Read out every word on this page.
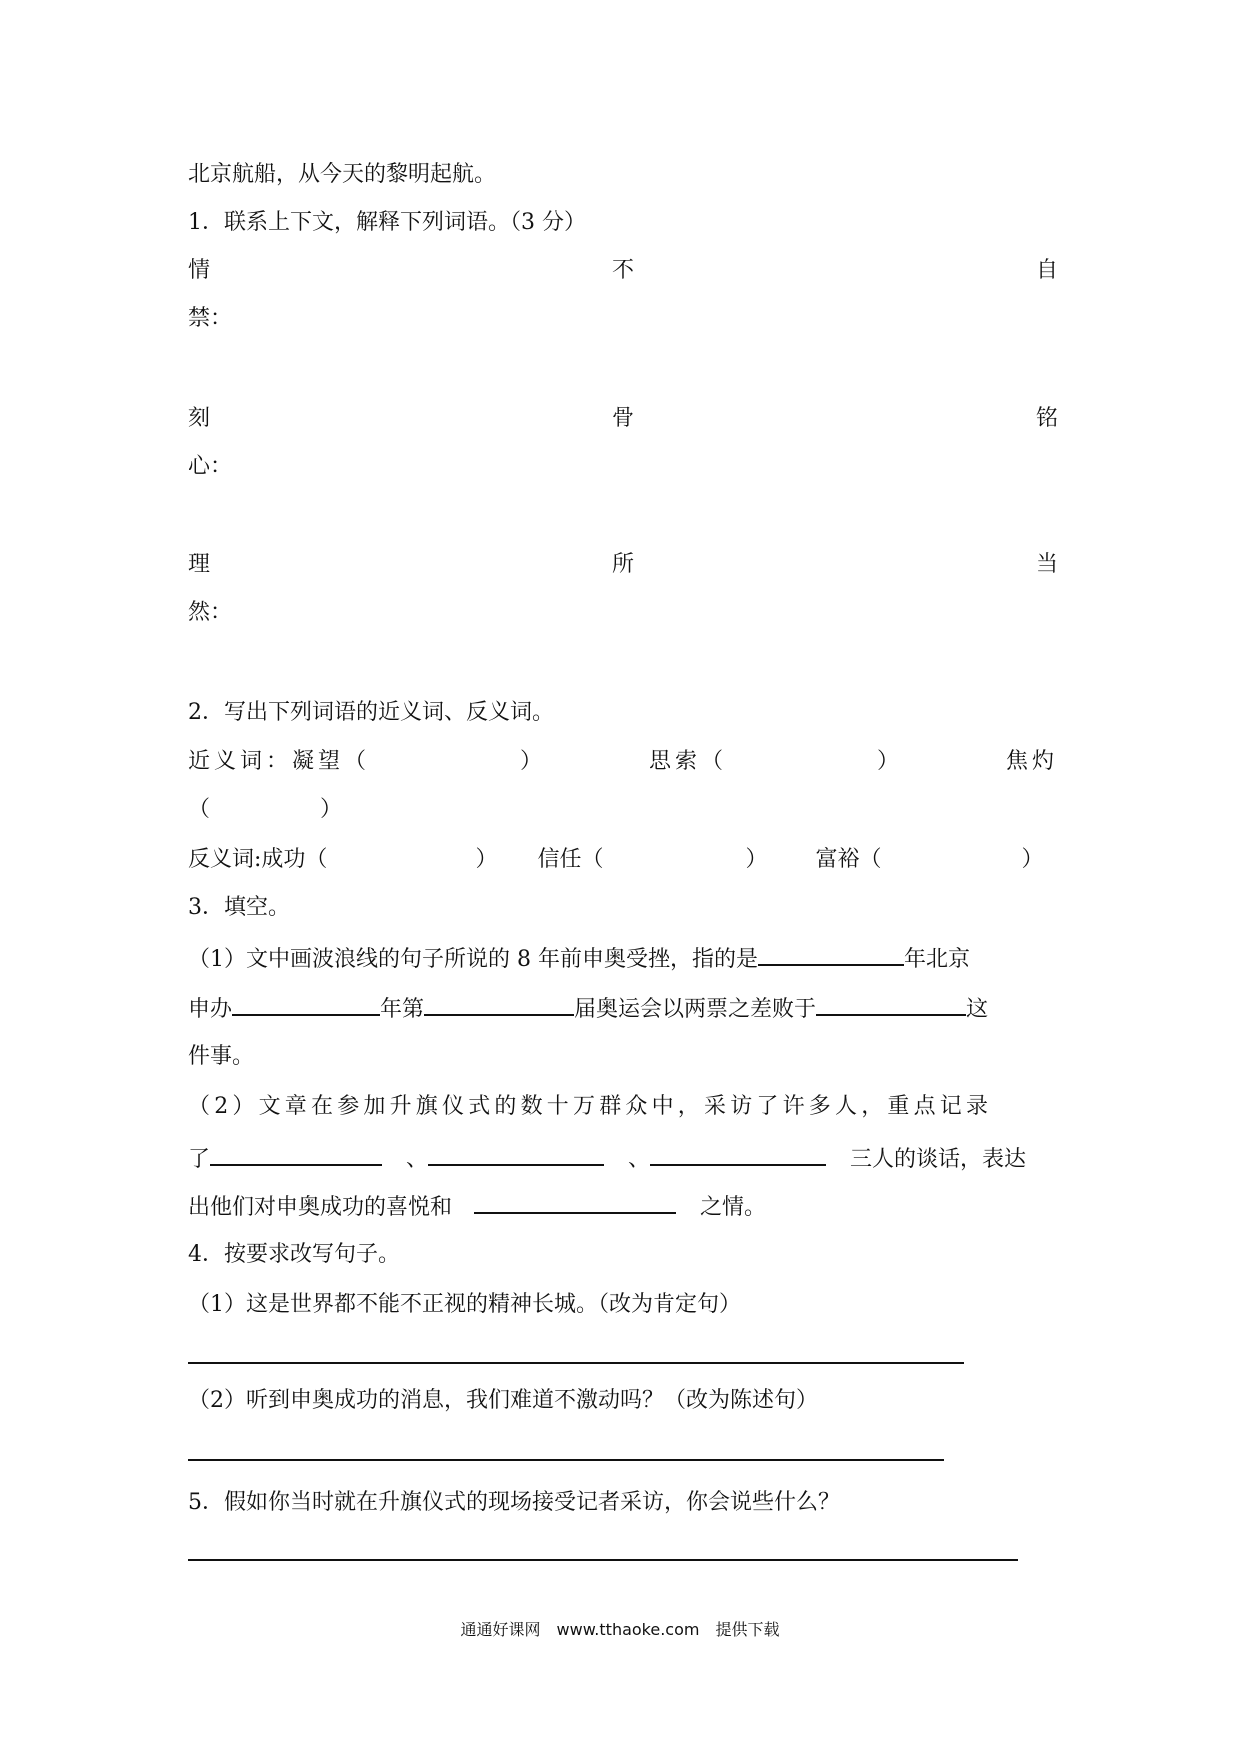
北京航船，从今天的黎明起航。
1．联系上下文，解释下列词语。（3 分）
情	不	自
禁：
刻	骨	铭
心：
理	所	当
然：
2．写出下列词语的近义词、反义词。
近义词：凝望（	）	思索（	）	焦灼
（　　　　　）
反义词:成功（	） 信任（	） 富裕（	）
3．填空。
（1）文中画波浪线的句子所说的 8 年前申奥受挫，指的是	年北京
申办	年第	届奥运会以两票之差败于	这
件事。
（2）文章在参加升旗仪式的数十万群众中，采访了许多人，重点记录
了	、	、	三人的谈话，表达
出他们对申奥成功的喜悦和	之情。
4．按要求改写句子。
（1）这是世界都不能不正视的精神长城。（改为肯定句）
（2）听到申奥成功的消息，我们难道不激动吗？（改为陈述句）
5．假如你当时就在升旗仪式的现场接受记者采访，你会说些什么？
通通好课网　www.tthaoke.com　提供下载
